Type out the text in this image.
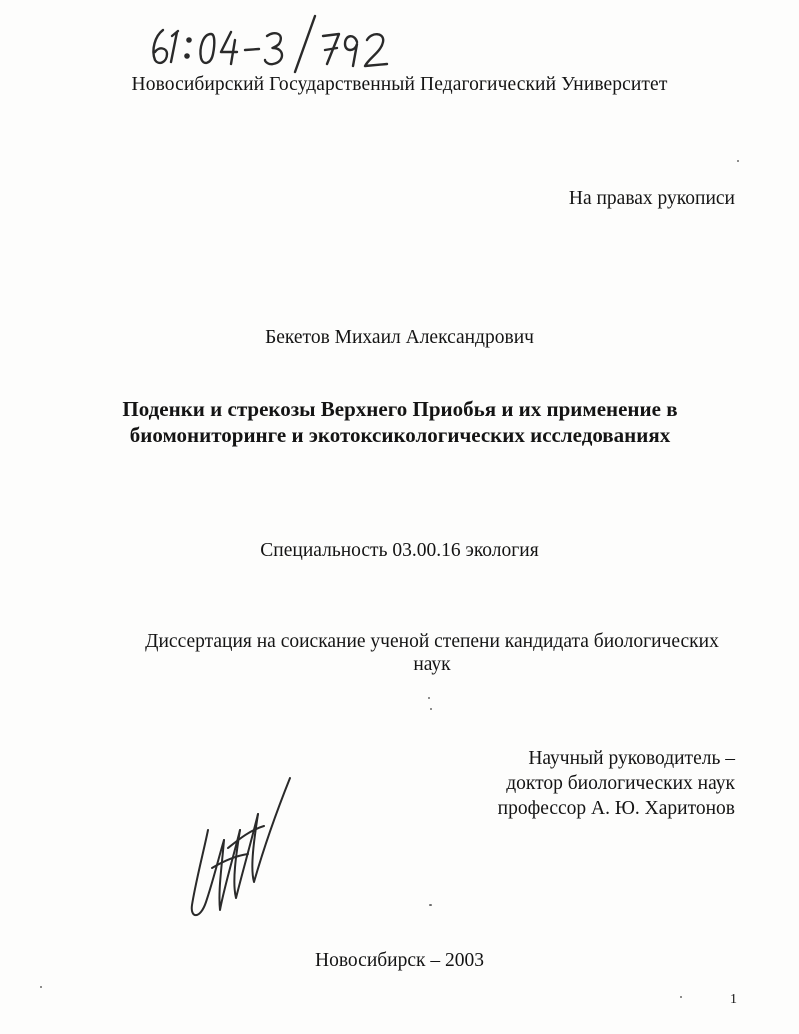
Новосибирский Государственный Педагогический Университет
На правах рукописи
Бекетов Михаил Александрович
Поденки и стрекозы Верхнего Приобья и их применение в
биомониторинге и экотоксикологических исследованиях
Специальность 03.00.16 экология
Диссертация на соискание ученой степени кандидата биологических
наук
Научный руководитель –
доктор биологических наук
профессор А. Ю. Харитонов
Новосибирск – 2003
1
